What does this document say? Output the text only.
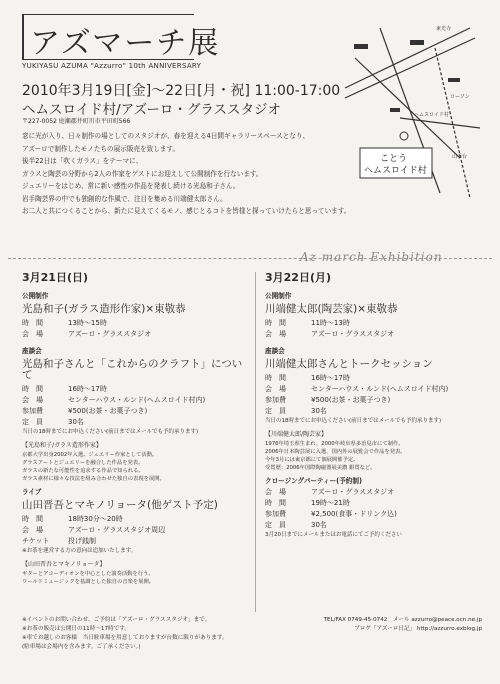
アズマーチ展
YUKIYASU AZUMA "Azzurro" 10th ANNIVERSARY
2010年3月19日[金]〜22日[月・祝] 11:00-17:00
ヘムスロイド村/アズーロ・グラススタジオ
〒227-0052 庭瀬郡井町川市平田町566

窓に光が入り、日々制作の場としてのスタジオが、春を迎える4日間ギャラリースペースとなり、

アズーロで制作したモノたちの展示販売を致します。

後半22日は「吹くガラス」をテーマに、

ガラスと陶芸の分野から2人の作家をゲストにお迎えして公開制作を行ないます。

ジュエリーをはじめ、常に新い感性の作品を発表し続ける光島和子さん。

岩手陶芸界の中でも独創的な作風で、注目を集める川端健太郎さん。

お二人と共につくることから、新たに見えてくるモノ、感じとるコトを皆様と探っていけたらと思っています。

東光寺
ヘムスロイド村
ローソン
山手台
ことう
ヘムスロイド村
Az march Exhibition
3月21日(日)
公開制作
光島和子(ガラス造形作家)×東敬恭
時　間	13時〜15時
会　場	アズーロ・グラススタジオ
座談会
光島和子さんと「これからのクラフト」について
時　間	16時〜17時
会　場	センターハウス・ルンド(ヘムスロイド村内)
参加費	¥500(お茶・お菓子つき)
定　員	30名
当日の18時までにお申込ください(前日まではメールでも予約承ります)
【光島和子/ガラス造形作家】
京都大学出身2002年入選。ジュエリー作家として活動。
グラスアートとジュエリーを融合した作品を発表。
ガラスの新たな可能性を追求する作品で知られる。
ガラス素材に様々な技法を組み合わせた独自の表現を展開。
ライブ
山田晋吾とマキノリョータ(他ゲスト予定)
時　間	18時30分〜20時
会　場	アズーロ・グラススタジオ周辺
チケット	投げ銭制
※お茶を運営する方の意向は追加いたします。
【山田晋吾とマキノリョータ】
ギターとアコーディオンを中心とした演奏活動を行う。
ワールドミュージックを基調とした独自の音楽を展開。
3月22日(月)
公開制作
川端健太郎(陶芸家)×東敬恭
時　間	11時〜13時
会　場	アズーロ・グラススタジオ
座談会
川端健太郎さんとトークセッション
時　間	16時〜17時
会　場	センターハウス・ルンド(ヘムスロイド村内)
参加費	¥500(お茶・お菓子つき)
定　員	30名
当日の18時までにお申込ください(前日まではメールでも予約承ります)
【川端健太郎/陶芸家】
1976年埼玉県生まれ、2000年岐阜県多治見市にて制作。
2006年日本陶芸展に入選、国内外の展覧会で作品を発表。
今年3月には東京都にて個展開催予定。
受賞歴：2006年国際陶磁器展美濃 銀賞など。
クロージングパーティー(予約制)
会　場	アズーロ・グラススタジオ
時　間	19時〜21時
参加費	¥2,500(食事・ドリンク込)
定　員	30名
3月20日までにメールまたはお電話にてご予約ください
※イベントのお問い合わせ、ご予約は「アズーロ・グラススタジオ」まで。	TEL/FAX 0749-45-0742　メール azzurro@peace.ocn.ne.jp
※お茶の販売は公開日の11時〜17時です。	ブログ「アズーロ日記」 http://azzurro.exblog.jp
※車でお越しのお客様　当日駐車場を用意しておりますが台数に限りがあります。
(駐車場は会場内を含みます。ご了承ください。)
